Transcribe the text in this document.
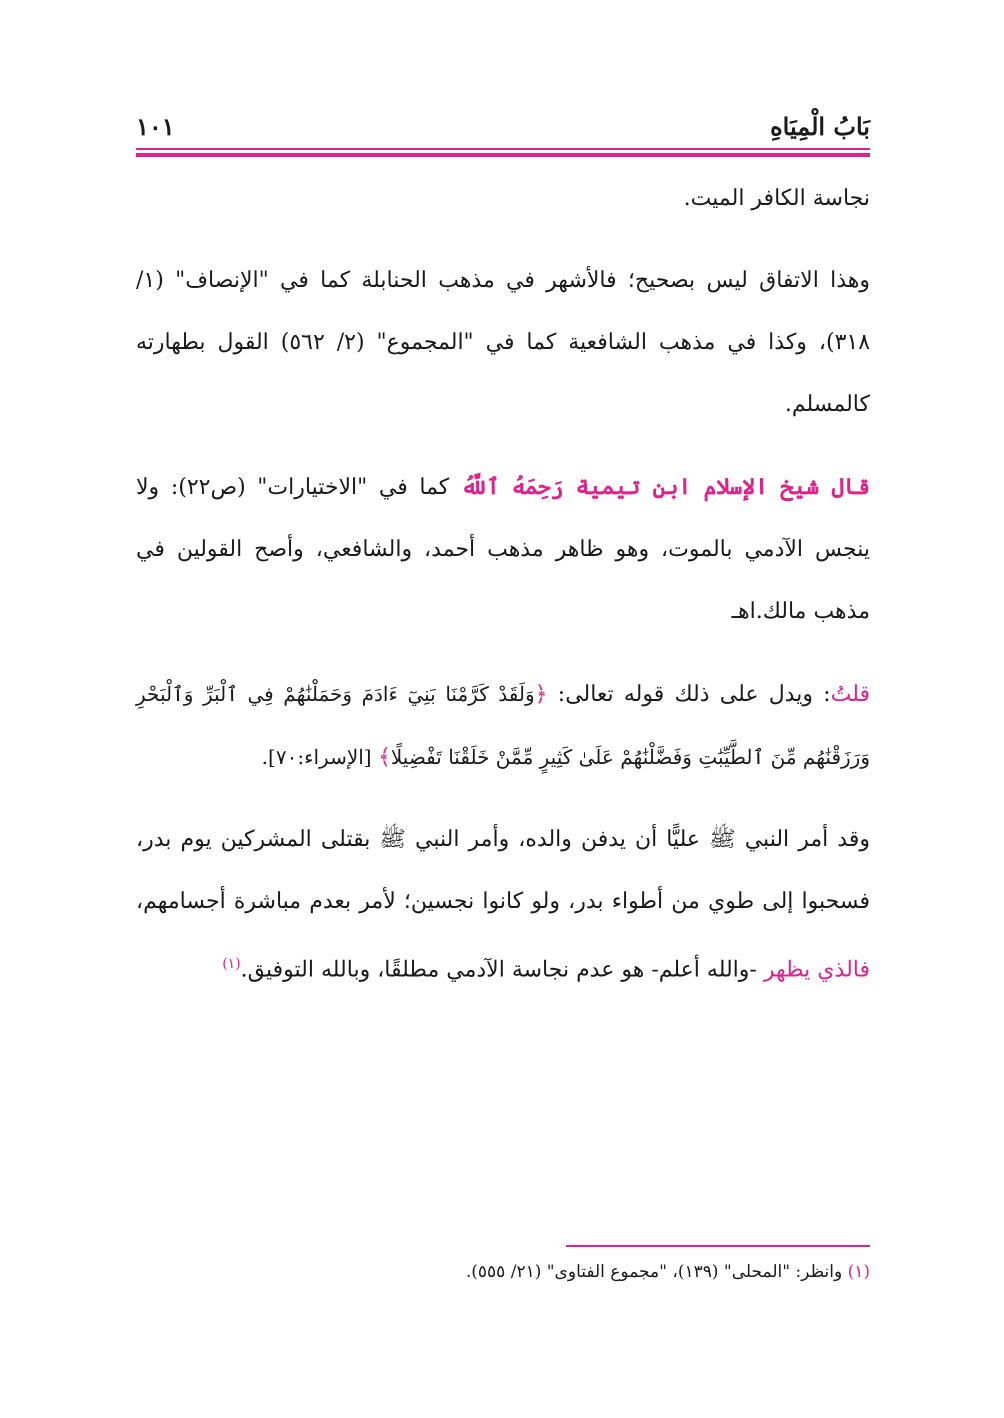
بَابُ الْمِيَاهِ
١٠١

نجاسة الكافر الميت.

وهذا الاتفاق ليس بصحيح؛ فالأشهر في مذهب الحنابلة كما في "الإنصاف" (١/ ٣١٨)، وكذا في مذهب الشافعية كما في "المجموع" (٢/ ٥٦٢) القول بطهارته كالمسلم.

قال شيخ الإسلام ابن تيمية رَحِمَهُ ٱللَّهُ كما في "الاختيارات" (ص٢٢): ولا ينجس الآدمي بالموت، وهو ظاهر مذهب أحمد، والشافعي، وأصح القولين في مذهب مالك.اهـ

قلتُ: ويدل على ذلك قوله تعالى: ﴿وَلَقَدْ كَرَّمْنَا بَنِيٓ ءَادَمَ وَحَمَلْنَٰهُمْ فِي ٱلْبَرِّ وَٱلْبَحْرِ وَرَزَقْنَٰهُم مِّنَ ٱلطَّيِّبَٰتِ وَفَضَّلْنَٰهُمْ عَلَىٰ كَثِيرٍ مِّمَّنْ خَلَقْنَا تَفْضِيلًا﴾ [الإسراء:٧٠].

وقد أمر النبي ﷺ عليًّا أن يدفن والده، وأمر النبي ﷺ بقتلى المشركين يوم بدر، فسحبوا إلى طوي من أطواء بدر، ولو كانوا نجسين؛ لأمر بعدم مباشرة أجسامهم، فالذي يظهر -والله أعلم- هو عدم نجاسة الآدمي مطلقًا، وبالله التوفيق.$^{(١)}$

(١) وانظر: "المحلى" (١٣٩)، "مجموع الفتاوى" (٢١/ ٥٥٥).
